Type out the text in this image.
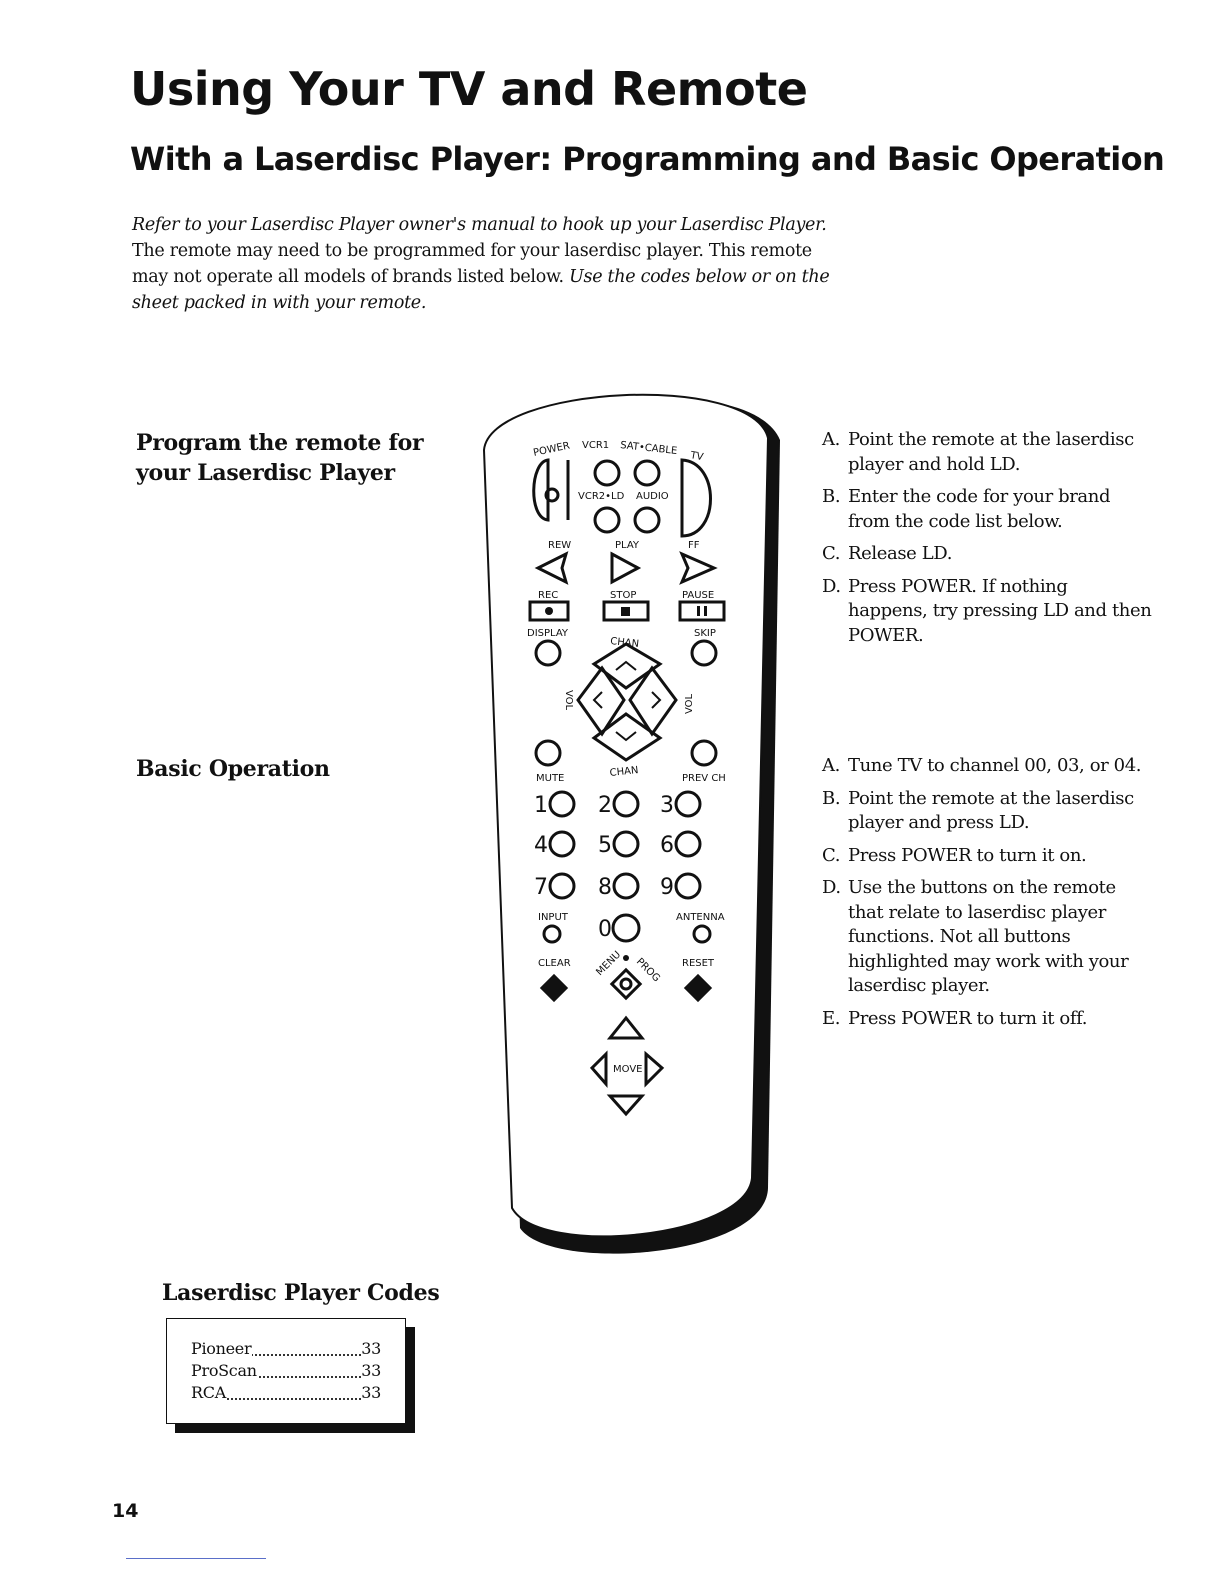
Using Your TV and Remote
With a Laserdisc Player: Programming and Basic Operation

Refer to your Laserdisc Player owner's manual to hook up your Laserdisc Player. The remote may need to be programmed for your laserdisc player. This remote may not operate all models of brands listed below. Use the codes below or on the sheet packed in with your remote.

Program the remote for
your Laserdisc Player
A. Point the remote at the laserdisc player and hold LD.
B. Enter the code for your brand from the code list below.
C. Release LD.
D. Press POWER. If nothing happens, try pressing LD and then POWER.
Basic Operation	A. Tune TV to channel 00, 03, or 04.
B. Point the remote at the laserdisc player and press LD.
C. Press POWER to turn it on.
D. Use the buttons on the remote that relate to laserdisc player functions. Not all buttons highlighted may work with your laserdisc player.
E. Press POWER to turn it off.
POWER VCR1 SAT•CABLE TV
VCR2•LD AUDIO
REW	PLAY	FF
REC	STOP	PAUSE
DISPLAY
CHAN
SKIP
VOL	VOL
MUTE	CHAN	PREV CH
1 2 3
4 5 6
7 8 9
0
INPUT	ANTENNA
CLEAR	RESET
MENU PROG
MOVE
Laserdisc Player Codes
Pioneer	33
ProScan	33
RCA	33
14
